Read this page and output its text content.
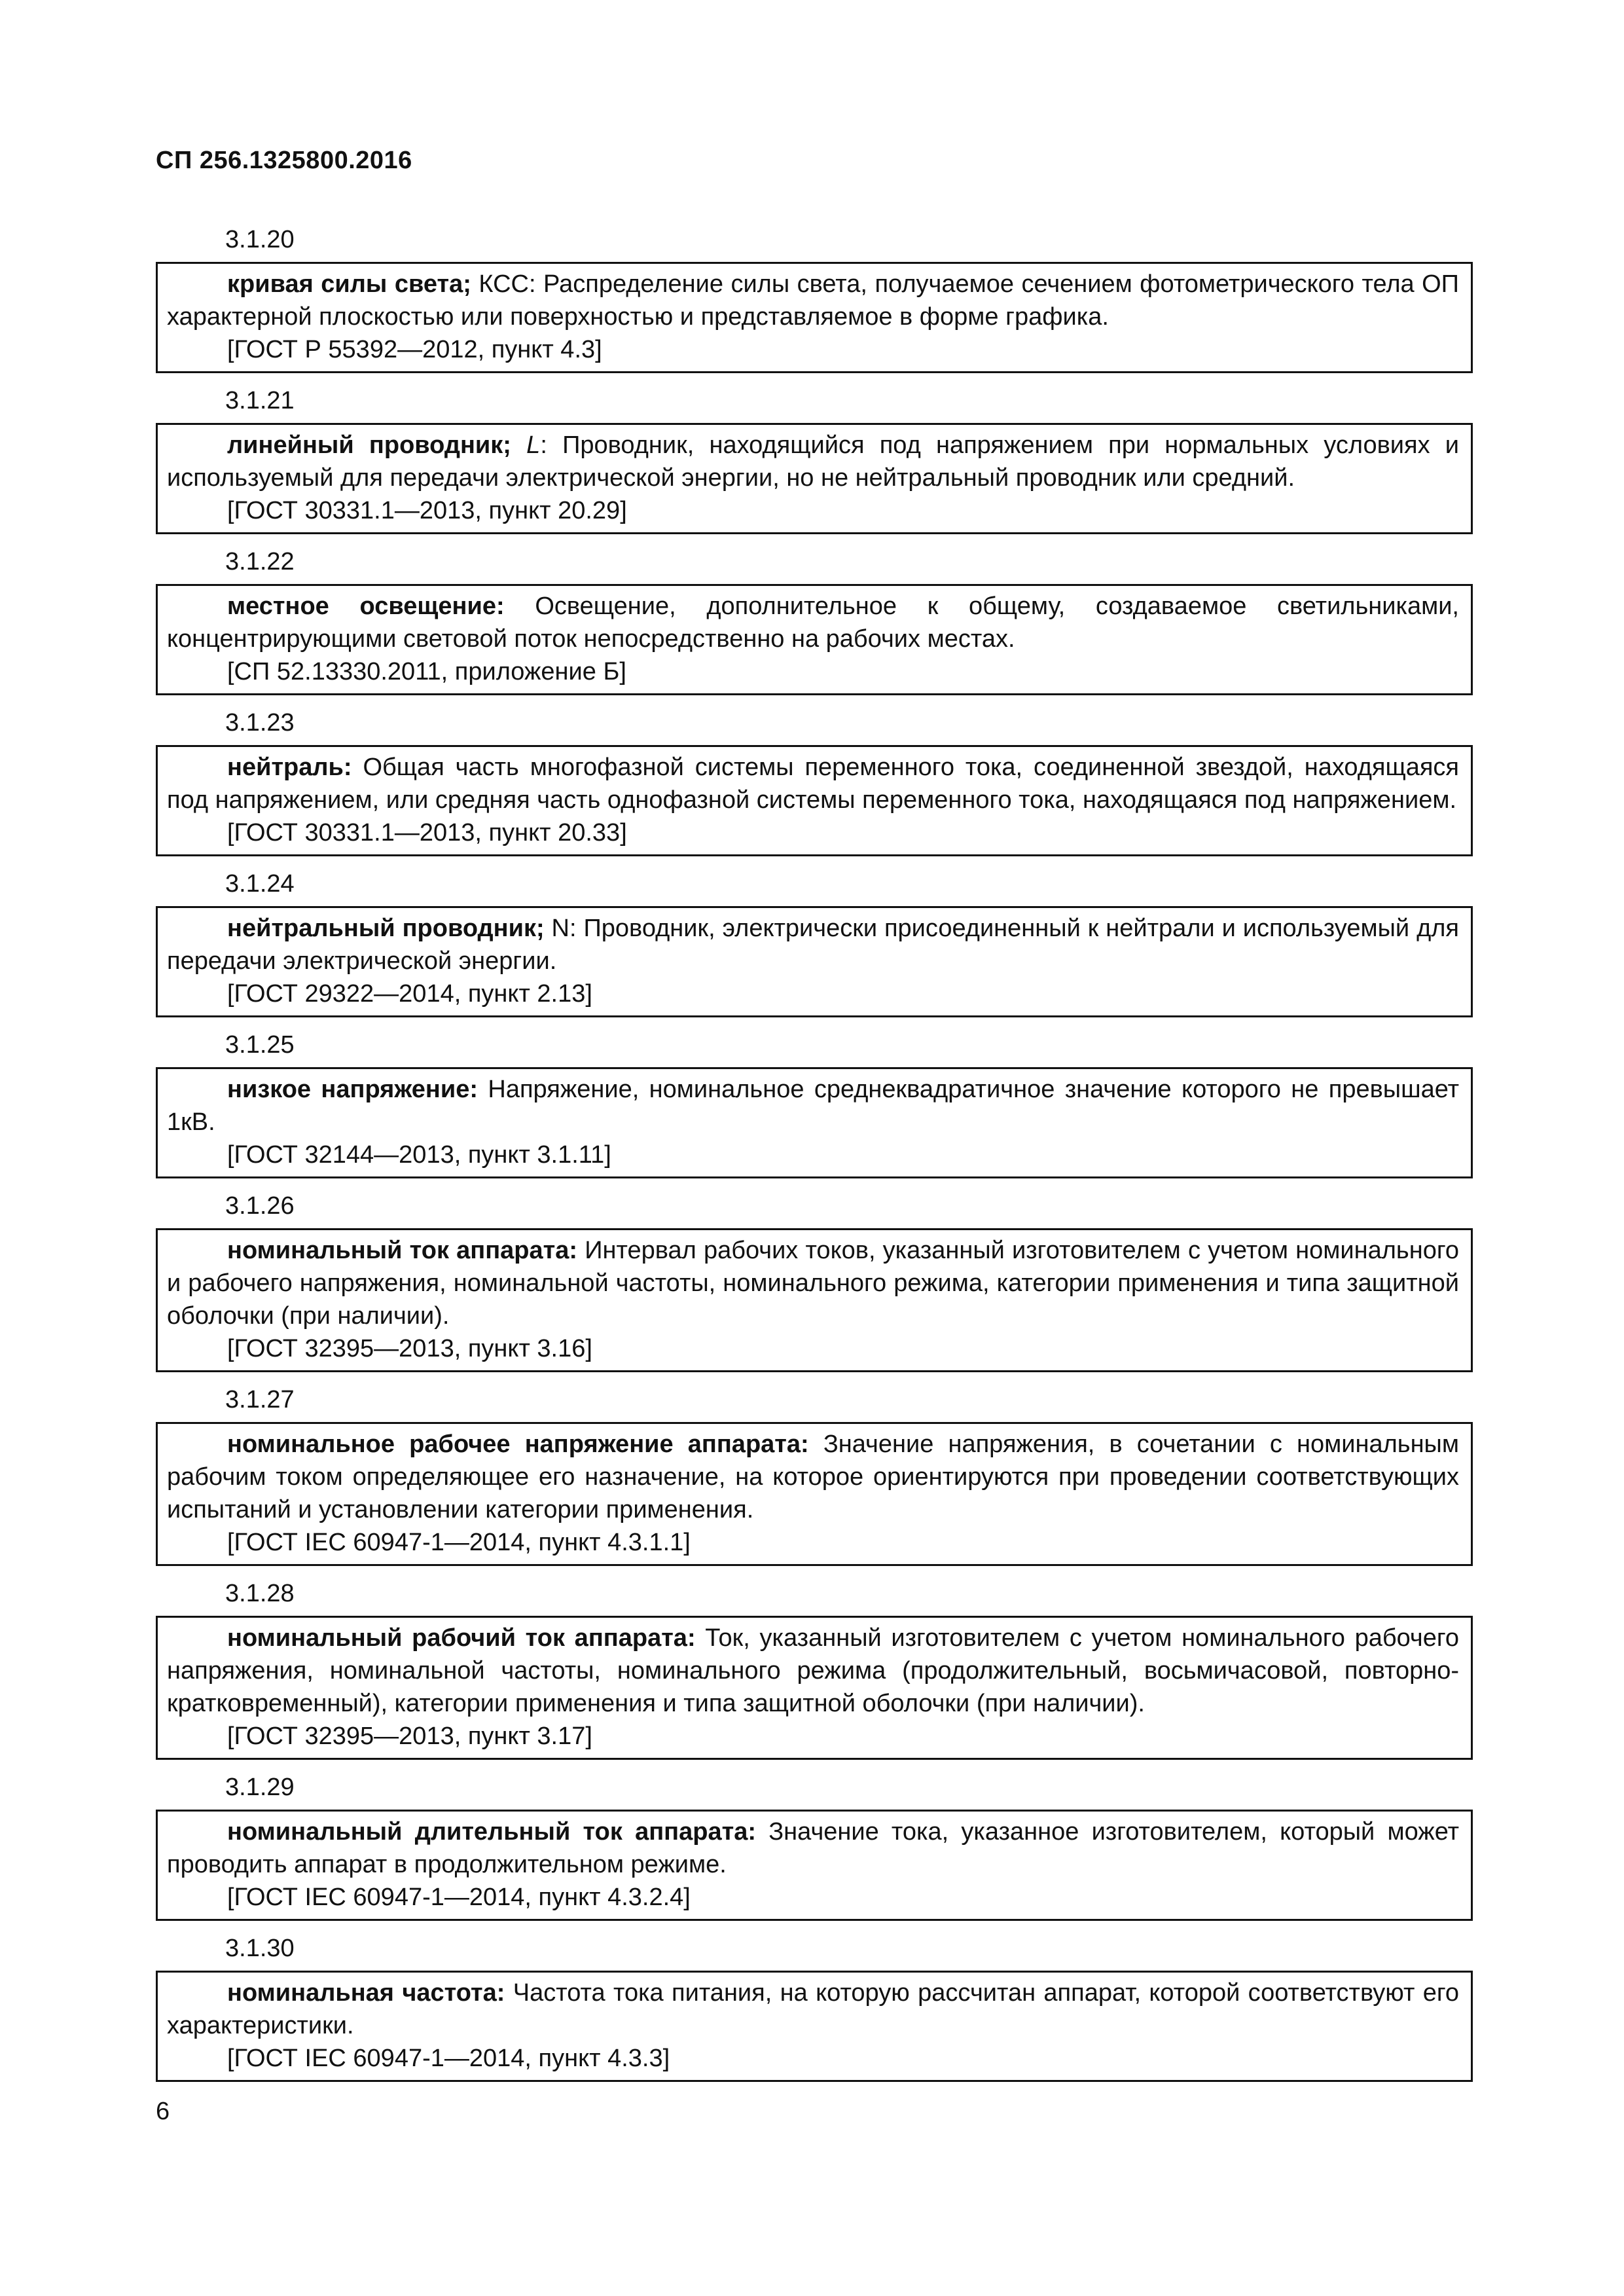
СП 256.1325800.2016
3.1.20

кривая силы света; КСС: Распределение силы света, получаемое сечением фотометрического тела ОП характерной плоскостью или поверхностью и представляемое в форме графика.

[ГОСТ Р 55392—2012, пункт 4.3]

3.1.21

линейный проводник; L: Проводник, находящийся под напряжением при нормальных условиях и используемый для передачи электрической энергии, но не нейтральный проводник или средний.

[ГОСТ 30331.1—2013, пункт 20.29]

3.1.22

местное освещение: Освещение, дополнительное к общему, создаваемое светильниками, концентрирующими световой поток непосредственно на рабочих местах.

[СП 52.13330.2011, приложение Б]

3.1.23

нейтраль: Общая часть многофазной системы переменного тока, соединенной звездой, находящаяся под напряжением, или средняя часть однофазной системы переменного тока, находящаяся под напряжением.

[ГОСТ 30331.1—2013, пункт 20.33]

3.1.24

нейтральный проводник; N: Проводник, электрически присоединенный к нейтрали и используемый для передачи электрической энергии.

[ГОСТ 29322—2014, пункт 2.13]

3.1.25

низкое напряжение: Напряжение, номинальное среднеквадратичное значение которого не превышает 1кВ.

[ГОСТ 32144—2013, пункт 3.1.11]

3.1.26

номинальный ток аппарата: Интервал рабочих токов, указанный изготовителем с учетом номинального и рабочего напряжения, номинальной частоты, номинального режима, категории применения и типа защитной оболочки (при наличии).

[ГОСТ 32395—2013, пункт 3.16]

3.1.27

номинальное рабочее напряжение аппарата: Значение напряжения, в сочетании с номинальным рабочим током определяющее его назначение, на которое ориентируются при проведении соответствующих испытаний и установлении категории применения.

[ГОСТ IEC 60947-1—2014, пункт 4.3.1.1]

3.1.28

номинальный рабочий ток аппарата: Ток, указанный изготовителем с учетом номинального рабочего напряжения, номинальной частоты, номинального режима (продолжительный, восьмичасовой, повторно-кратковременный), категории применения и типа защитной оболочки (при наличии).

[ГОСТ 32395—2013, пункт 3.17]

3.1.29

номинальный длительный ток аппарата: Значение тока, указанное изготовителем, который может проводить аппарат в продолжительном режиме.

[ГОСТ IEC 60947-1—2014, пункт 4.3.2.4]

3.1.30

номинальная частота: Частота тока питания, на которую рассчитан аппарат, которой соответствуют его характеристики.

[ГОСТ IEC 60947-1—2014, пункт 4.3.3]

6
